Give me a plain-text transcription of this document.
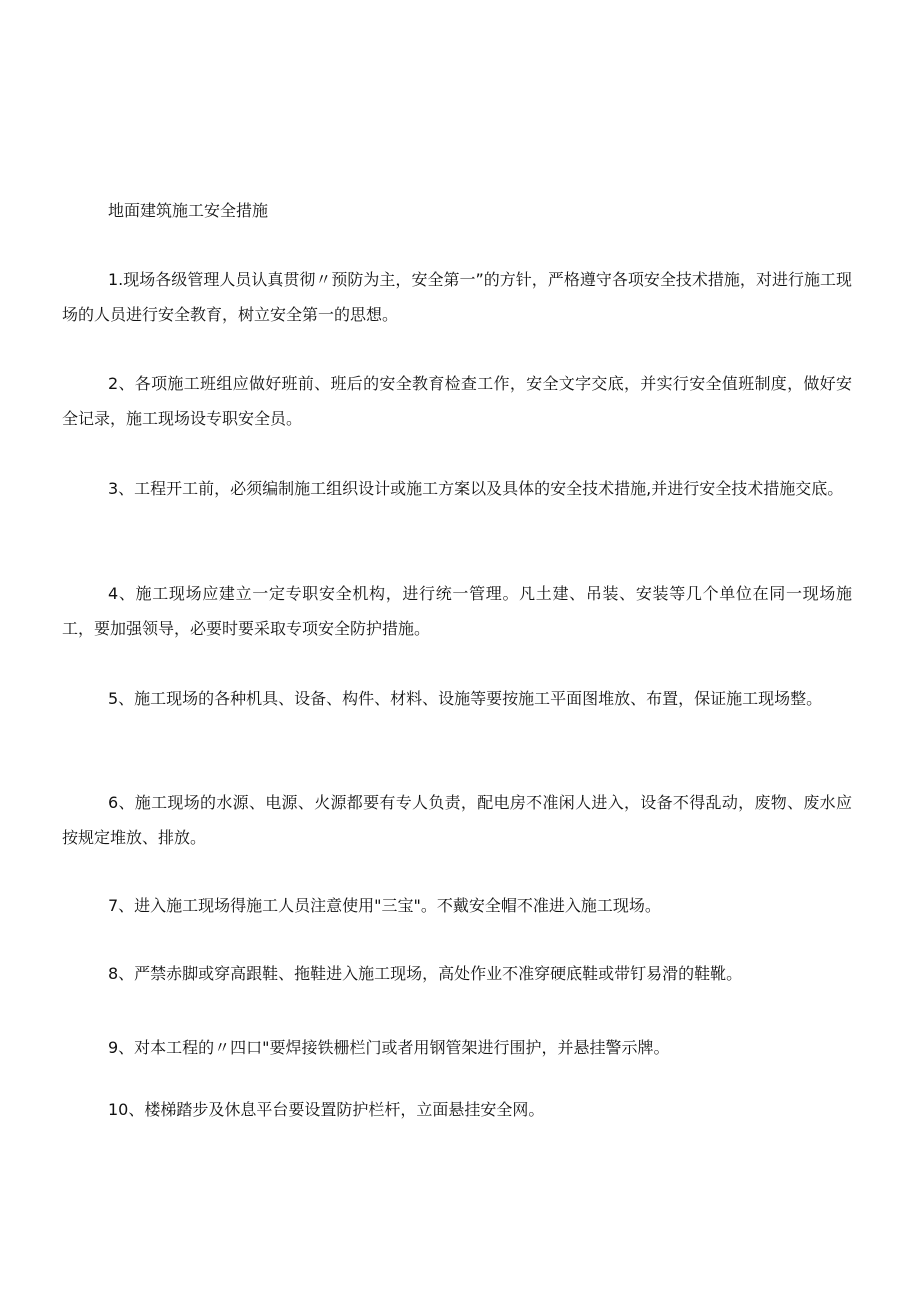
地面建筑施工安全措施

1.现场各级管理人员认真贯彻〃预防为主，安全第一”的方针，严格遵守各项安全技术措施，对进行施工现场的人员进行安全教育，树立安全第一的思想。

2、各项施工班组应做好班前、班后的安全教育检查工作，安全文字交底，并实行安全值班制度，做好安全记录，施工现场设专职安全员。

3、工程开工前，必须编制施工组织设计或施工方案以及具体的安全技术措施,并进行安全技术措施交底。

4、施工现场应建立一定专职安全机构，进行统一管理。凡土建、吊装、安装等几个单位在同一现场施工，要加强领导，必要时要采取专项安全防护措施。

5、施工现场的各种机具、设备、构件、材料、设施等要按施工平面图堆放、布置，保证施工现场整。

6、施工现场的水源、电源、火源都要有专人负责，配电房不准闲人进入，设备不得乱动，废物、废水应按规定堆放、排放。

7、进入施工现场得施工人员注意使用"三宝"。不戴安全帽不准进入施工现场。

8、严禁赤脚或穿高跟鞋、拖鞋进入施工现场，高处作业不准穿硬底鞋或带钉易滑的鞋靴。

9、对本工程的〃四口"要焊接铁栅栏门或者用钢管架进行围护，并悬挂警示牌。

10、楼梯踏步及休息平台要设置防护栏杆，立面悬挂安全网。
